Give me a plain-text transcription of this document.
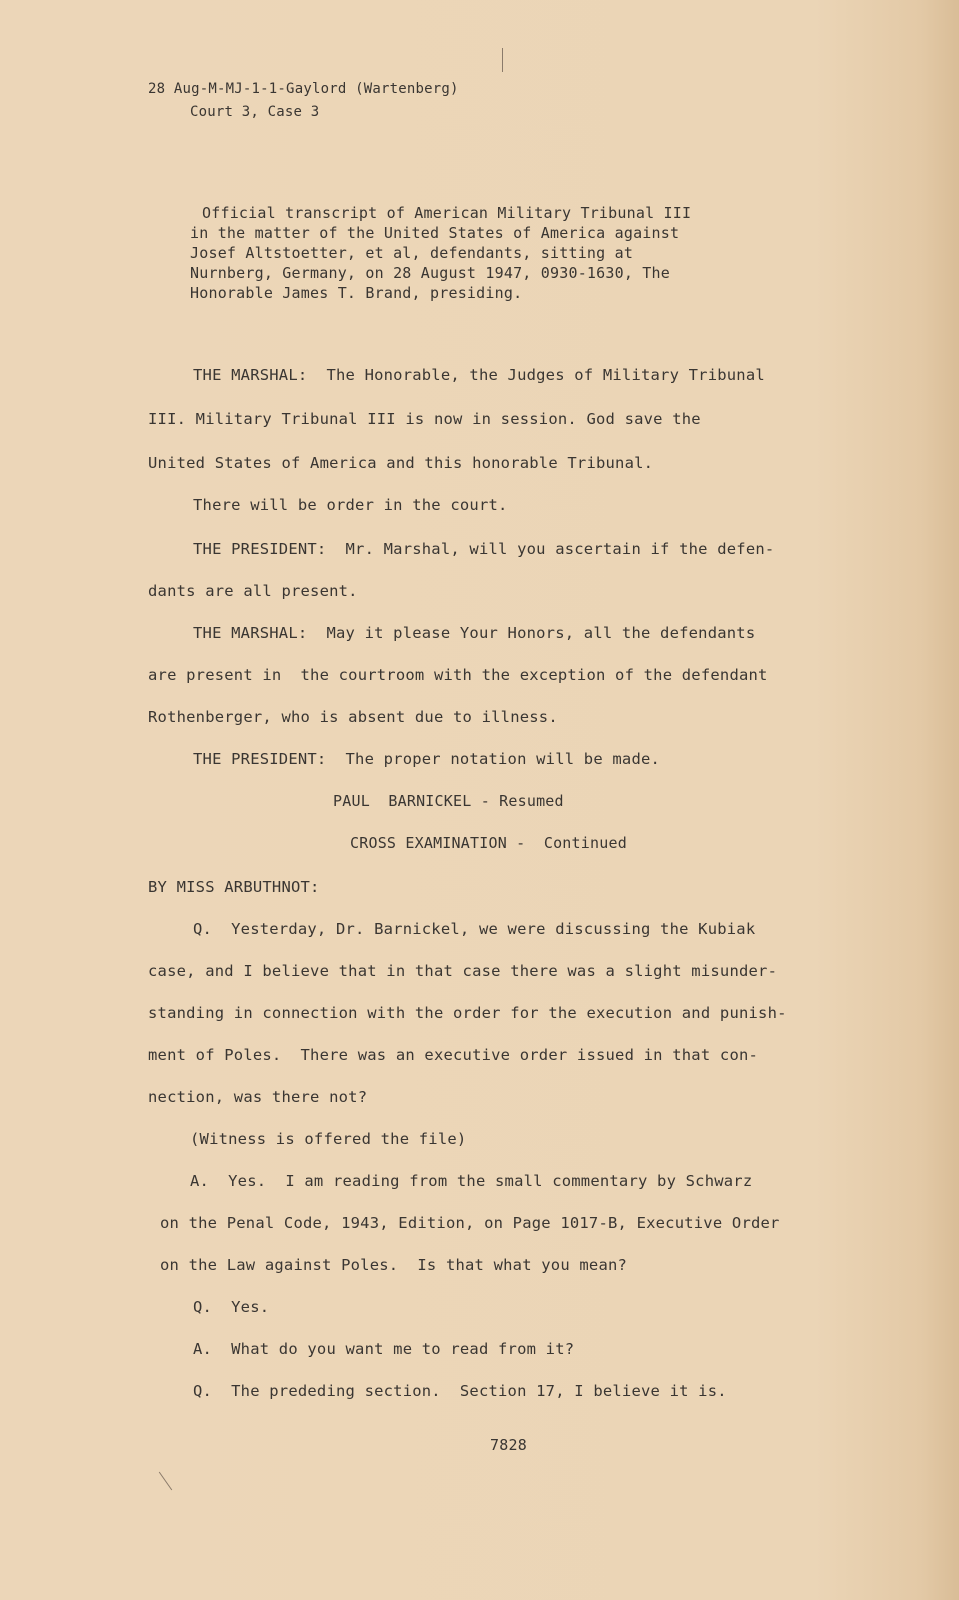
28 Aug-M-MJ-1-1-Gaylord (Wartenberg)
Court 3, Case 3
Official transcript of American Military Tribunal III
in the matter of the United States of America against
Josef Altstoetter, et al, defendants, sitting at
Nurnberg, Germany, on 28 August 1947, 0930-1630, The
Honorable James T. Brand, presiding.
THE MARSHAL:  The Honorable, the Judges of Military Tribunal
III. Military Tribunal III is now in session. God save the
United States of America and this honorable Tribunal.
There will be order in the court.
THE PRESIDENT:  Mr. Marshal, will you ascertain if the defen-
dants are all present.
THE MARSHAL:  May it please Your Honors, all the defendants
are present in  the courtroom with the exception of the defendant
Rothenberger, who is absent due to illness.
THE PRESIDENT:  The proper notation will be made.
PAUL  BARNICKEL - Resumed
CROSS EXAMINATION -  Continued
BY MISS ARBUTHNOT:
Q.  Yesterday, Dr. Barnickel, we were discussing the Kubiak
case, and I believe that in that case there was a slight misunder-
standing in connection with the order for the execution and punish-
ment of Poles.  There was an executive order issued in that con-
nection, was there not?
(Witness is offered the file)
A.  Yes.  I am reading from the small commentary by Schwarz
on the Penal Code, 1943, Edition, on Page 1017-B, Executive Order
on the Law against Poles.  Is that what you mean?
Q.  Yes.
A.  What do you want me to read from it?
Q.  The prededing section.  Section 17, I believe it is.
7828
